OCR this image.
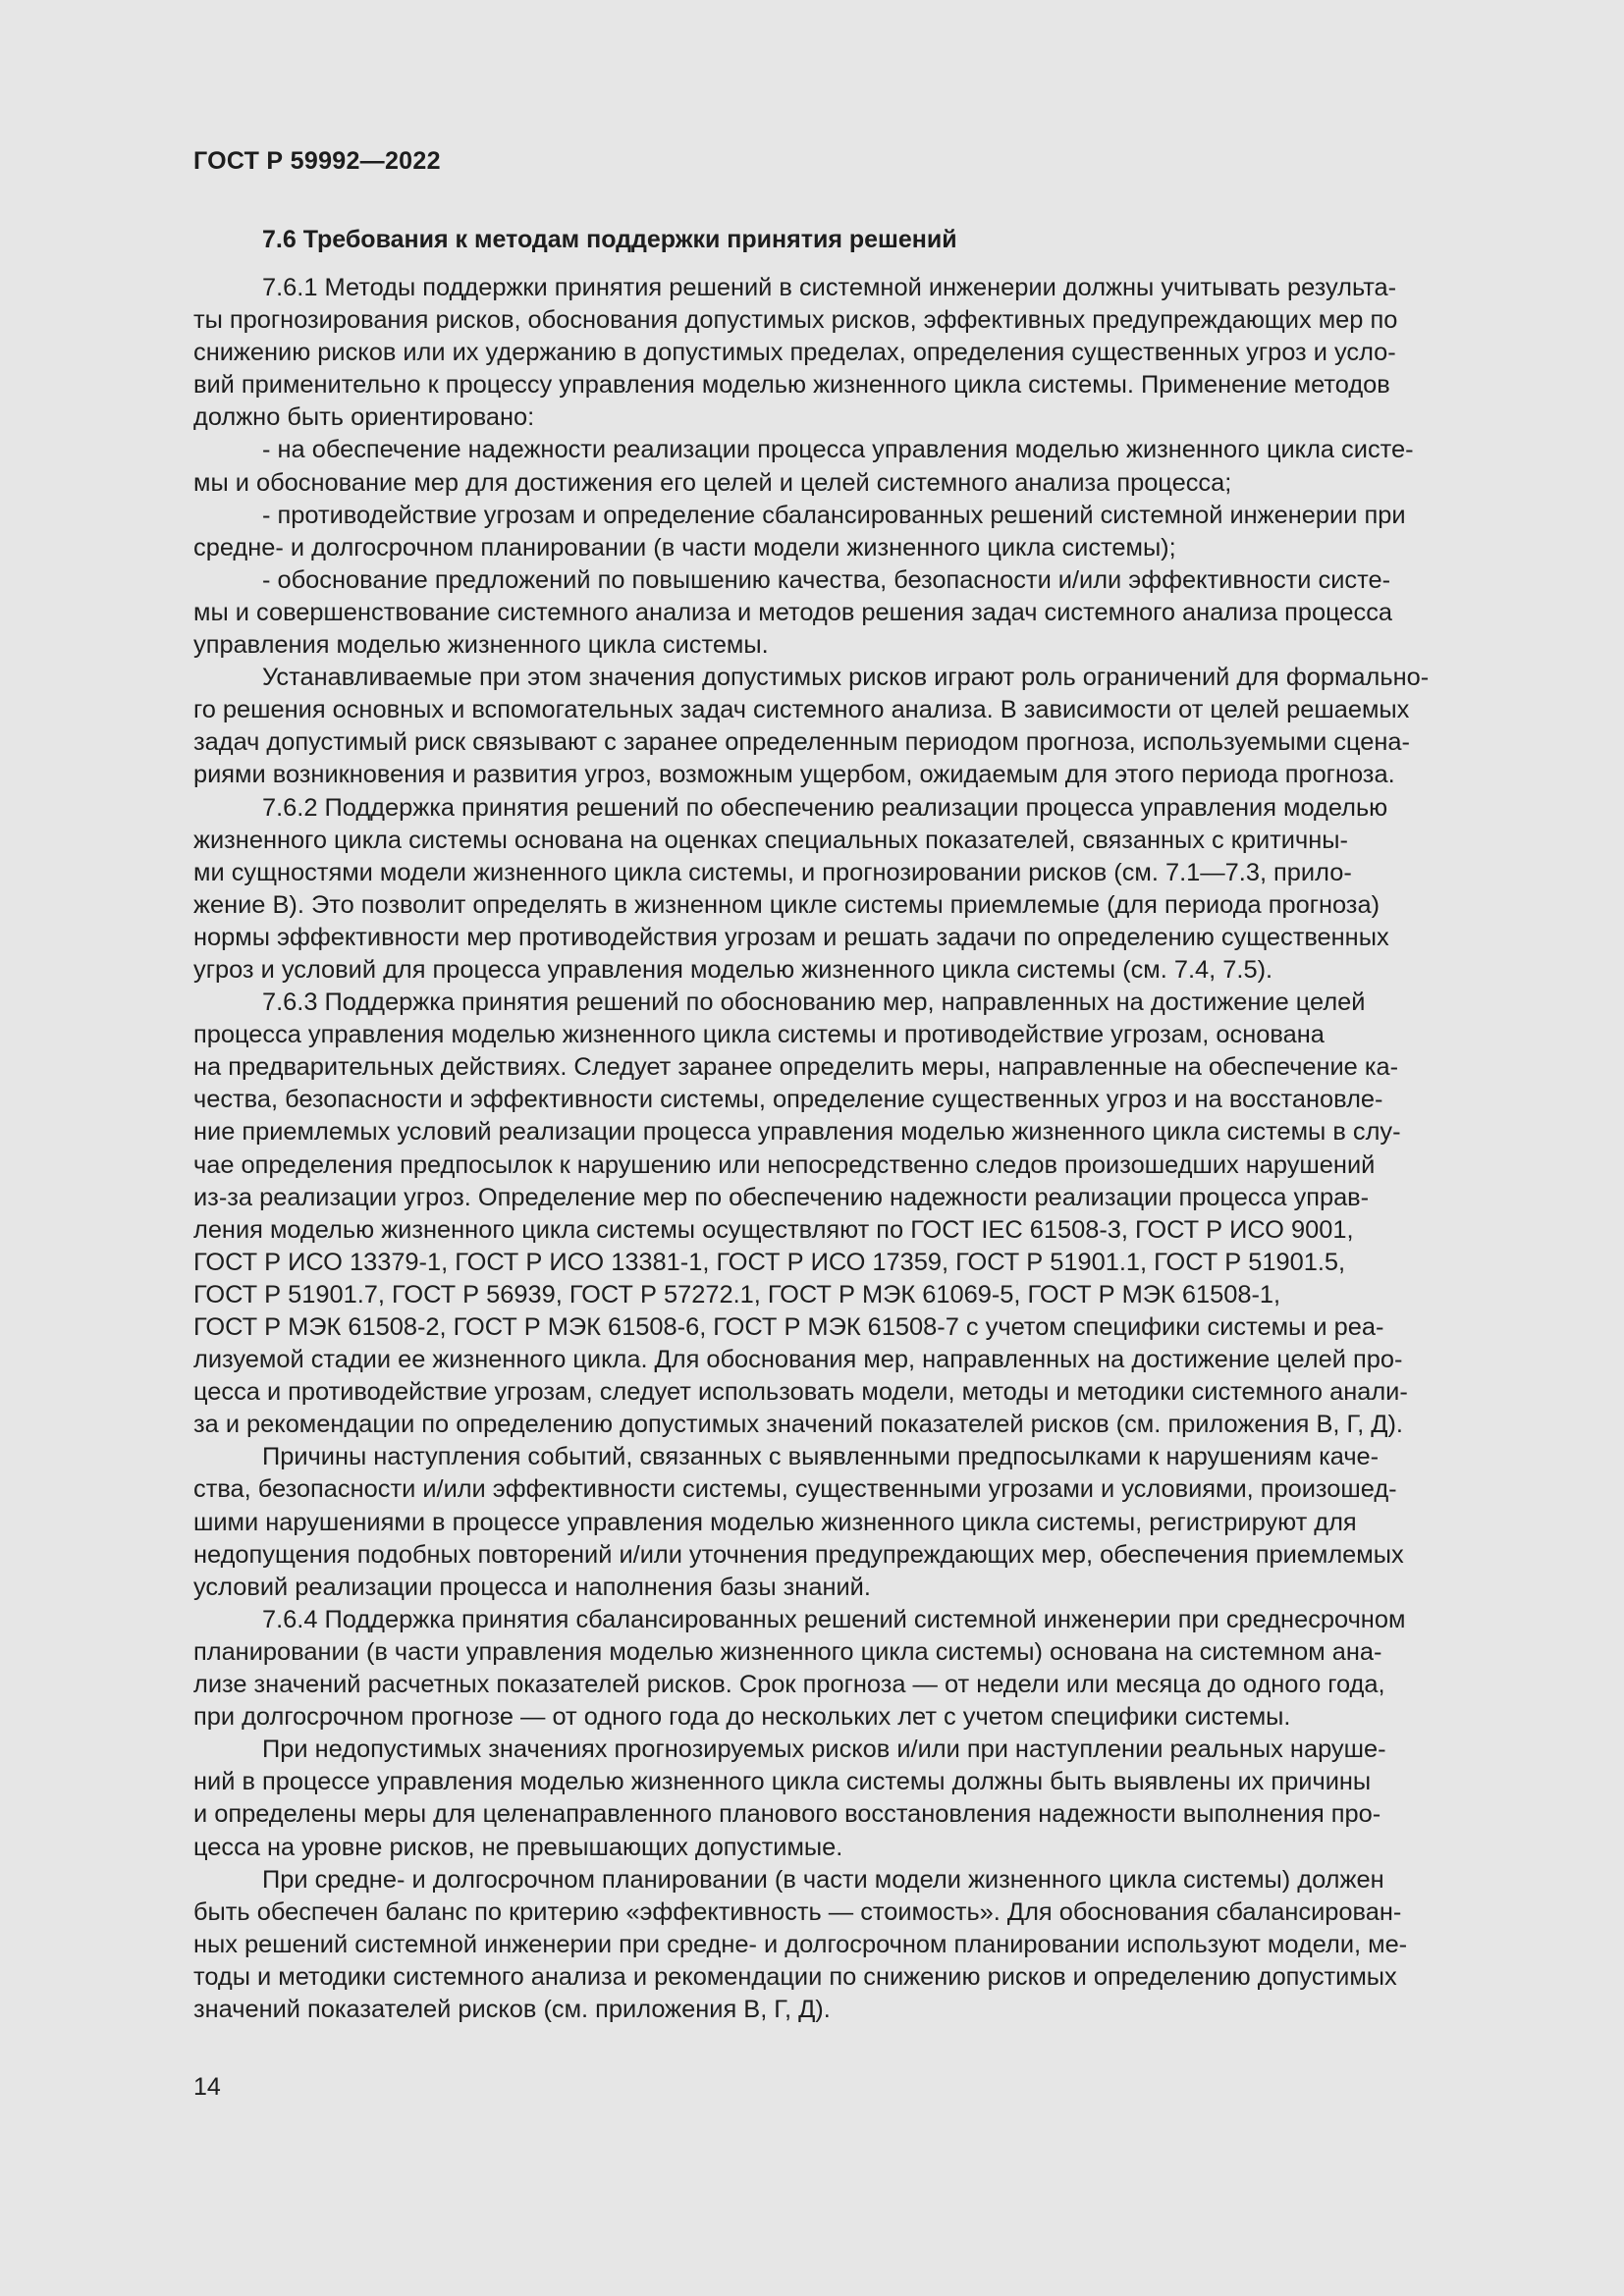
ГОСТ Р 59992—2022
7.6 Требования к методам поддержки принятия решений

7.6.1 Методы поддержки принятия решений в системной инженерии должны учитывать результа-
ты прогнозирования рисков, обоснования допустимых рисков, эффективных предупреждающих мер по
снижению рисков или их удержанию в допустимых пределах, определения существенных угроз и усло-
вий применительно к процессу управления моделью жизненного цикла системы. Применение методов
должно быть ориентировано:

- на обеспечение надежности реализации процесса управления моделью жизненного цикла систе-
мы и обоснование мер для достижения его целей и целей системного анализа процесса;

- противодействие угрозам и определение сбалансированных решений системной инженерии при
средне- и долгосрочном планировании (в части модели жизненного цикла системы);

- обоснование предложений по повышению качества, безопасности и/или эффективности систе-
мы и совершенствование системного анализа и методов решения задач системного анализа процесса
управления моделью жизненного цикла системы.

Устанавливаемые при этом значения допустимых рисков играют роль ограничений для формально-
го решения основных и вспомогательных задач системного анализа. В зависимости от целей решаемых
задач допустимый риск связывают с заранее определенным периодом прогноза, используемыми сцена-
риями возникновения и развития угроз, возможным ущербом, ожидаемым для этого периода прогноза.

7.6.2 Поддержка принятия решений по обеспечению реализации процесса управления моделью
жизненного цикла системы основана на оценках специальных показателей, связанных с критичны-
ми сущностями модели жизненного цикла системы, и прогнозировании рисков (см. 7.1—7.3, прило-
жение В). Это позволит определять в жизненном цикле системы приемлемые (для периода прогноза)
нормы эффективности мер противодействия угрозам и решать задачи по определению существенных
угроз и условий для процесса управления моделью жизненного цикла системы (см. 7.4, 7.5).

7.6.3 Поддержка принятия решений по обоснованию мер, направленных на достижение целей
процесса управления моделью жизненного цикла системы и противодействие угрозам, основана
на предварительных действиях. Следует заранее определить меры, направленные на обеспечение ка-
чества, безопасности и эффективности системы, определение существенных угроз и на восстановле-
ние приемлемых условий реализации процесса управления моделью жизненного цикла системы в слу-
чае определения предпосылок к нарушению или непосредственно следов произошедших нарушений
из-за реализации угроз. Определение мер по обеспечению надежности реализации процесса управ-
ления моделью жизненного цикла системы осуществляют по ГОСТ IEC 61508-3, ГОСТ Р ИСО 9001,
ГОСТ Р ИСО 13379-1, ГОСТ Р ИСО 13381-1, ГОСТ Р ИСО 17359, ГОСТ Р 51901.1, ГОСТ Р 51901.5,
ГОСТ Р 51901.7, ГОСТ Р 56939, ГОСТ Р 57272.1, ГОСТ Р МЭК 61069-5, ГОСТ Р МЭК 61508-1,
ГОСТ Р МЭК 61508-2, ГОСТ Р МЭК 61508-6, ГОСТ Р МЭК 61508-7 с учетом специфики системы и реа-
лизуемой стадии ее жизненного цикла. Для обоснования мер, направленных на достижение целей про-
цесса и противодействие угрозам, следует использовать модели, методы и методики системного анали-
за и рекомендации по определению допустимых значений показателей рисков (см. приложения В, Г, Д).

Причины наступления событий, связанных с выявленными предпосылками к нарушениям каче-
ства, безопасности и/или эффективности системы, существенными угрозами и условиями, произошед-
шими нарушениями в процессе управления моделью жизненного цикла системы, регистрируют для
недопущения подобных повторений и/или уточнения предупреждающих мер, обеспечения приемлемых
условий реализации процесса и наполнения базы знаний.

7.6.4 Поддержка принятия сбалансированных решений системной инженерии при среднесрочном
планировании (в части управления моделью жизненного цикла системы) основана на системном ана-
лизе значений расчетных показателей рисков. Срок прогноза — от недели или месяца до одного года,
при долгосрочном прогнозе — от одного года до нескольких лет с учетом специфики системы.

При недопустимых значениях прогнозируемых рисков и/или при наступлении реальных наруше-
ний в процессе управления моделью жизненного цикла системы должны быть выявлены их причины
и определены меры для целенаправленного планового восстановления надежности выполнения про-
цесса на уровне рисков, не превышающих допустимые.

При средне- и долгосрочном планировании (в части модели жизненного цикла системы) должен
быть обеспечен баланс по критерию «эффективность — стоимость». Для обоснования сбалансирован-
ных решений системной инженерии при средне- и долгосрочном планировании используют модели, ме-
тоды и методики системного анализа и рекомендации по снижению рисков и определению допустимых
значений показателей рисков (см. приложения В, Г, Д).

14
